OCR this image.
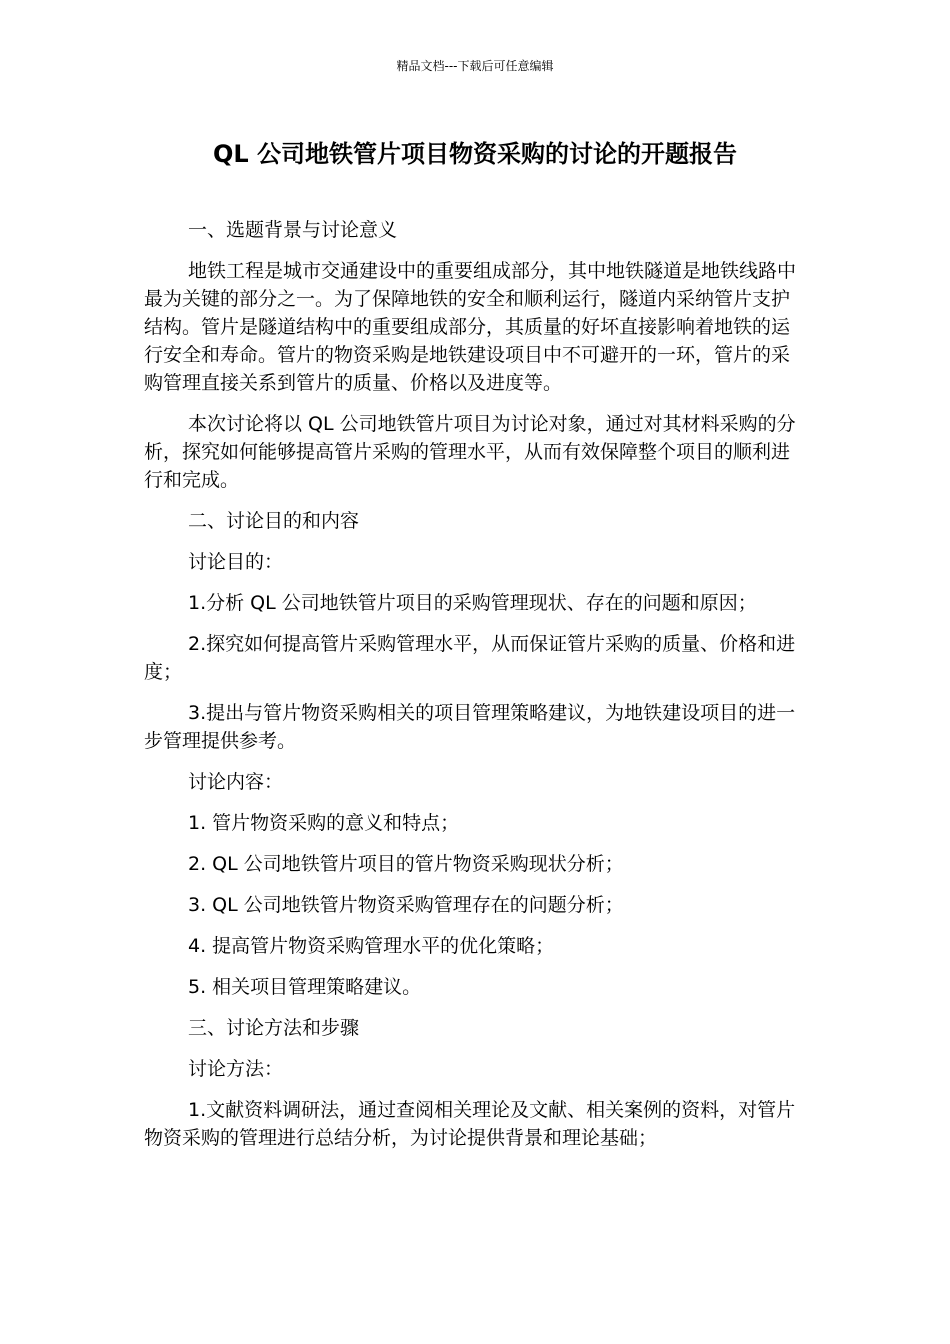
精品文档---下载后可任意编辑
QL 公司地铁管片项目物资采购的讨论的开题报告

一、选题背景与讨论意义

地铁工程是城市交通建设中的重要组成部分，其中地铁隧道是地铁线路中最为关键的部分之一。为了保障地铁的安全和顺利运行，隧道内采纳管片支护结构。管片是隧道结构中的重要组成部分，其质量的好坏直接影响着地铁的运行安全和寿命。管片的物资采购是地铁建设项目中不可避开的一环，管片的采购管理直接关系到管片的质量、价格以及进度等。

本次讨论将以 QL 公司地铁管片项目为讨论对象，通过对其材料采购的分析，探究如何能够提高管片采购的管理水平，从而有效保障整个项目的顺利进行和完成。

二、讨论目的和内容

讨论目的：

1.分析 QL 公司地铁管片项目的采购管理现状、存在的问题和原因；

2.探究如何提高管片采购管理水平，从而保证管片采购的质量、价格和进度；

3.提出与管片物资采购相关的项目管理策略建议，为地铁建设项目的进一步管理提供参考。

讨论内容：

1. 管片物资采购的意义和特点；

2. QL 公司地铁管片项目的管片物资采购现状分析；

3. QL 公司地铁管片物资采购管理存在的问题分析；

4. 提高管片物资采购管理水平的优化策略；

5. 相关项目管理策略建议。

三、讨论方法和步骤

讨论方法：

1.文献资料调研法，通过查阅相关理论及文献、相关案例的资料，对管片物资采购的管理进行总结分析，为讨论提供背景和理论基础；
